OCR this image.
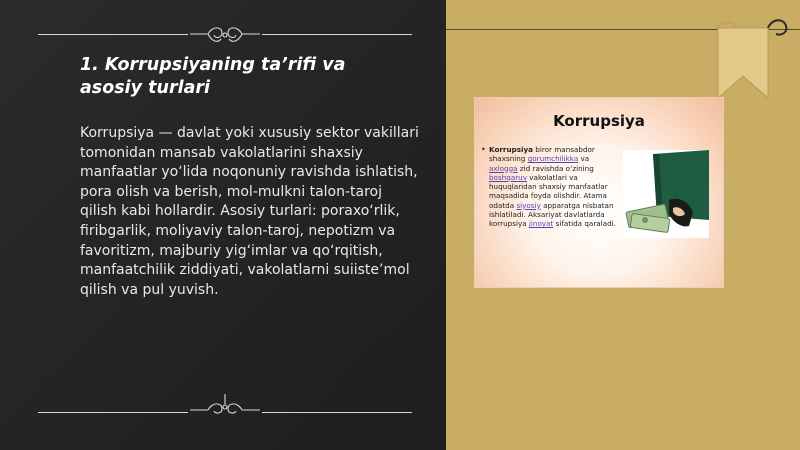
1. Korrupsiyaning ta’rifi va asosiy turlari

Korrupsiya — davlat yoki xususiy sektor vakillari tomonidan mansab vakolatlarini shaxsiy manfaatlar yo‘lida noqonuniy ravishda ishlatish, pora olish va berish, mol-mulkni talon-taroj qilish kabi hollardir. Asosiy turlari: poraxo‘rlik, firibgarlik, moliyaviy talon-taroj, nepotizm va favoritizm, majburiy yig‘imlar va qo‘rqitish, manfaatchilik ziddiyati, vakolatlarni suiiste’mol qilish va pul yuvish.

Korrupsiya
• Korrupsiya biror mansabdor shaxsning gorumchilikka va axlogga zid ravishda oʻzining boshqaruv vakolatlari va huquqlaridan shaxsiy manfaatlar maqsadida foyda olishdir. Atama odatda siyosiy apparatga nisbatan ishlatiladi. Aksariyat davlatlarda korrupsiya jinoyat sifatida qaraladi.
